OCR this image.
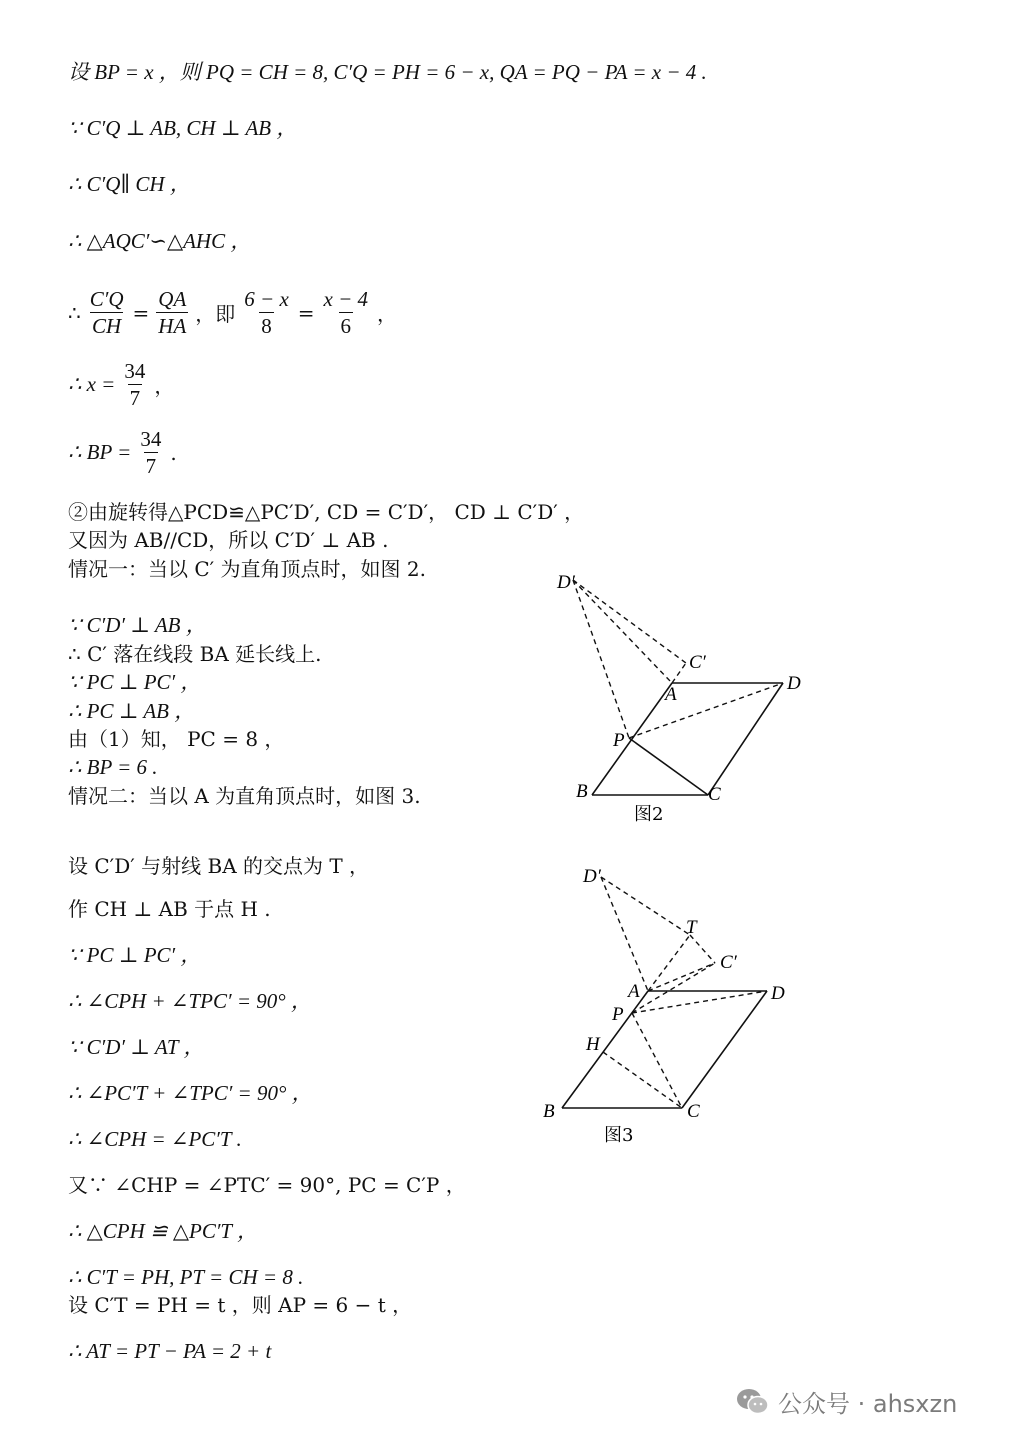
设 BP = x ，则 PQ = CH = 8, C′Q = PH = 6 − x, QA = PQ − PA = x − 4 .
∵ C′Q ⊥ AB, CH ⊥ AB ，
∴ C′Q∥ CH ，
∴ △AQC′∽△AHC ，
∴ $\frac{C'Q}{CH} = \frac{QA}{HA}$ ，即 $\frac{6 - x}{8} = \frac{x - 4}{6}$ ，
∴ $x = \frac{34}{7}$ ，
∴ BP = $\frac{34}{7}$ .
②由旋转得△PCD≌△PC′D′, CD = C′D′， CD ⊥ C′D′ ，
又因为 AB//CD，所以 C′D′ ⊥ AB .
情况一：当以 C′ 为直角顶点时，如图 2.
∵ C′D′ ⊥ AB ，
∴ C′ 落在线段 BA 延长线上.
∵ PC ⊥ PC′ ，
∴ PC ⊥ AB ，
由（1）知， PC = 8 ，
∴ BP = 6 .
情况二：当以 A 为直角顶点时，如图 3.
设 C′D′ 与射线 BA 的交点为 T ，
作 CH ⊥ AB 于点 H .
∵ PC ⊥ PC′ ，
∴ ∠CPH + ∠TPC′ = 90° ，
∵ C′D′ ⊥ AT ，
∴ ∠PC′T + ∠TPC′ = 90° ，
∴ ∠CPH = ∠PC′T .
又∵ ∠CHP = ∠PTC′ = 90°, PC = C′P ，
∴ △CPH ≌ △PC′T ，
∴ C′T = PH, PT = CH = 8 .
设 C′T = PH = t ，则 AP = 6 − t ，
∴ AT = PT − PA = 2 + t
D′
C′
A
D
P
B	C
图2
D′
T
C′
A	D
P
H
B	C
图3
公众号 · ahsxzn
